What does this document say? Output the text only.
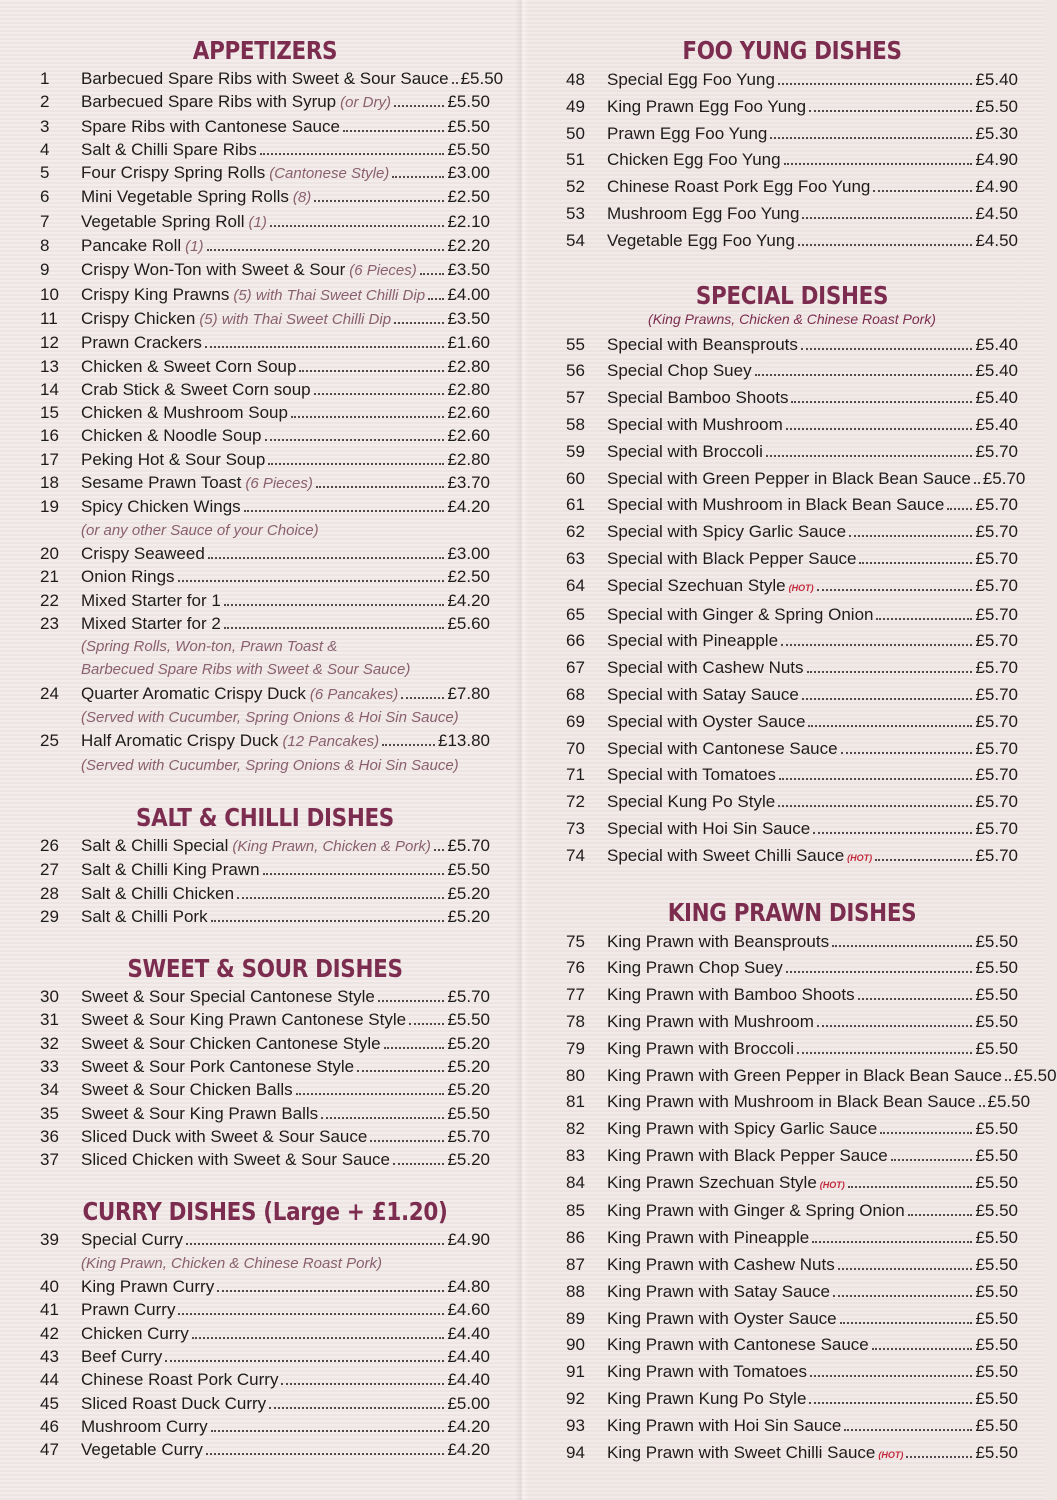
APPETIZERS
1	Barbecued Spare Ribs with Sweet & Sour Sauce £5.50
2	Barbecued Spare Ribs with Syrup (or Dry)	£5.50
3	Spare Ribs with Cantonese Sauce	£5.50
4	Salt & Chilli Spare Ribs	£5.50
5	Four Crispy Spring Rolls (Cantonese Style)	£3.00
6	Mini Vegetable Spring Rolls (8)	£2.50
7	Vegetable Spring Roll (1)	£2.10
8	Pancake Roll (1)	£2.20
9	Crispy Won-Ton with Sweet & Sour (6 Pieces) £3.50
10	Crispy King Prawns (5) with Thai Sweet Chilli Dip £4.00
11	Crispy Chicken (5) with Thai Sweet Chilli Dip	£3.50
12	Prawn Crackers	£1.60
13	Chicken & Sweet Corn Soup	£2.80
14	Crab Stick & Sweet Corn soup	£2.80
15	Chicken & Mushroom Soup	£2.60
16	Chicken & Noodle Soup	£2.60
17	Peking Hot & Sour Soup	£2.80
18	Sesame Prawn Toast (6 Pieces)	£3.70
19	Spicy Chicken Wings	£4.20
(or any other Sauce of your Choice)
20	Crispy Seaweed	£3.00
21	Onion Rings	£2.50
22	Mixed Starter for 1	£4.20
23	Mixed Starter for 2	£5.60
(Spring Rolls, Won-ton, Prawn Toast &
Barbecued Spare Ribs with Sweet & Sour Sauce)
24	Quarter Aromatic Crispy Duck (6 Pancakes)	£7.80
(Served with Cucumber, Spring Onions & Hoi Sin Sauce)
25	Half Aromatic Crispy Duck (12 Pancakes)	£13.80
(Served with Cucumber, Spring Onions & Hoi Sin Sauce)
SALT & CHILLI DISHES
26	Salt & Chilli Special (King Prawn, Chicken & Pork) £5.70
27	Salt & Chilli King Prawn	£5.50
28	Salt & Chilli Chicken	£5.20
29	Salt & Chilli Pork	£5.20
SWEET & SOUR DISHES
30	Sweet & Sour Special Cantonese Style	£5.70
31	Sweet & Sour King Prawn Cantonese Style £5.50
32	Sweet & Sour Chicken Cantonese Style	£5.20
33	Sweet & Sour Pork Cantonese Style	£5.20
34	Sweet & Sour Chicken Balls	£5.20
35	Sweet & Sour King Prawn Balls	£5.50
36	Sliced Duck with Sweet & Sour Sauce	£5.70
37	Sliced Chicken with Sweet & Sour Sauce	£5.20
CURRY DISHES (Large + £1.20)
39	Special Curry	£4.90
(King Prawn, Chicken & Chinese Roast Pork)
40	King Prawn Curry	£4.80
41	Prawn Curry	£4.60
42	Chicken Curry	£4.40
43	Beef Curry	£4.40
44	Chinese Roast Pork Curry	£4.40
45	Sliced Roast Duck Curry	£5.00
46	Mushroom Curry	£4.20
47	Vegetable Curry	£4.20
FOO YUNG DISHES
48	Special Egg Foo Yung	£5.40
49	King Prawn Egg Foo Yung	£5.50
50	Prawn Egg Foo Yung	£5.30
51	Chicken Egg Foo Yung	£4.90
52	Chinese Roast Pork Egg Foo Yung	£4.90
53	Mushroom Egg Foo Yung	£4.50
54	Vegetable Egg Foo Yung	£4.50
SPECIAL DISHES
(King Prawns, Chicken & Chinese Roast Pork)
55	Special with Beansprouts	£5.40
56	Special Chop Suey	£5.40
57	Special Bamboo Shoots	£5.40
58	Special with Mushroom	£5.40
59	Special with Broccoli	£5.70
60	Special with Green Pepper in Black Bean Sauce £5.70
61	Special with Mushroom in Black Bean Sauce £5.70
62	Special with Spicy Garlic Sauce	£5.70
63	Special with Black Pepper Sauce	£5.70
64	Special Szechuan Style (HOT)	£5.70
65	Special with Ginger & Spring Onion	£5.70
66	Special with Pineapple	£5.70
67	Special with Cashew Nuts	£5.70
68	Special with Satay Sauce	£5.70
69	Special with Oyster Sauce	£5.70
70	Special with Cantonese Sauce	£5.70
71	Special with Tomatoes	£5.70
72	Special Kung Po Style	£5.70
73	Special with Hoi Sin Sauce	£5.70
74	Special with Sweet Chilli Sauce (HOT)	£5.70
KING PRAWN DISHES
75	King Prawn with Beansprouts	£5.50
76	King Prawn Chop Suey	£5.50
77	King Prawn with Bamboo Shoots	£5.50
78	King Prawn with Mushroom	£5.50
79	King Prawn with Broccoli	£5.50
80	King Prawn with Green Pepper in Black Bean Sauce £5.50
81	King Prawn with Mushroom in Black Bean Sauce £5.50
82	King Prawn with Spicy Garlic Sauce	£5.50
83	King Prawn with Black Pepper Sauce	£5.50
84	King Prawn Szechuan Style (HOT)	£5.50
85	King Prawn with Ginger & Spring Onion	£5.50
86	King Prawn with Pineapple	£5.50
87	King Prawn with Cashew Nuts	£5.50
88	King Prawn with Satay Sauce	£5.50
89	King Prawn with Oyster Sauce	£5.50
90	King Prawn with Cantonese Sauce	£5.50
91	King Prawn with Tomatoes	£5.50
92	King Prawn Kung Po Style	£5.50
93	King Prawn with Hoi Sin Sauce	£5.50
94	King Prawn with Sweet Chilli Sauce (HOT)	£5.50
